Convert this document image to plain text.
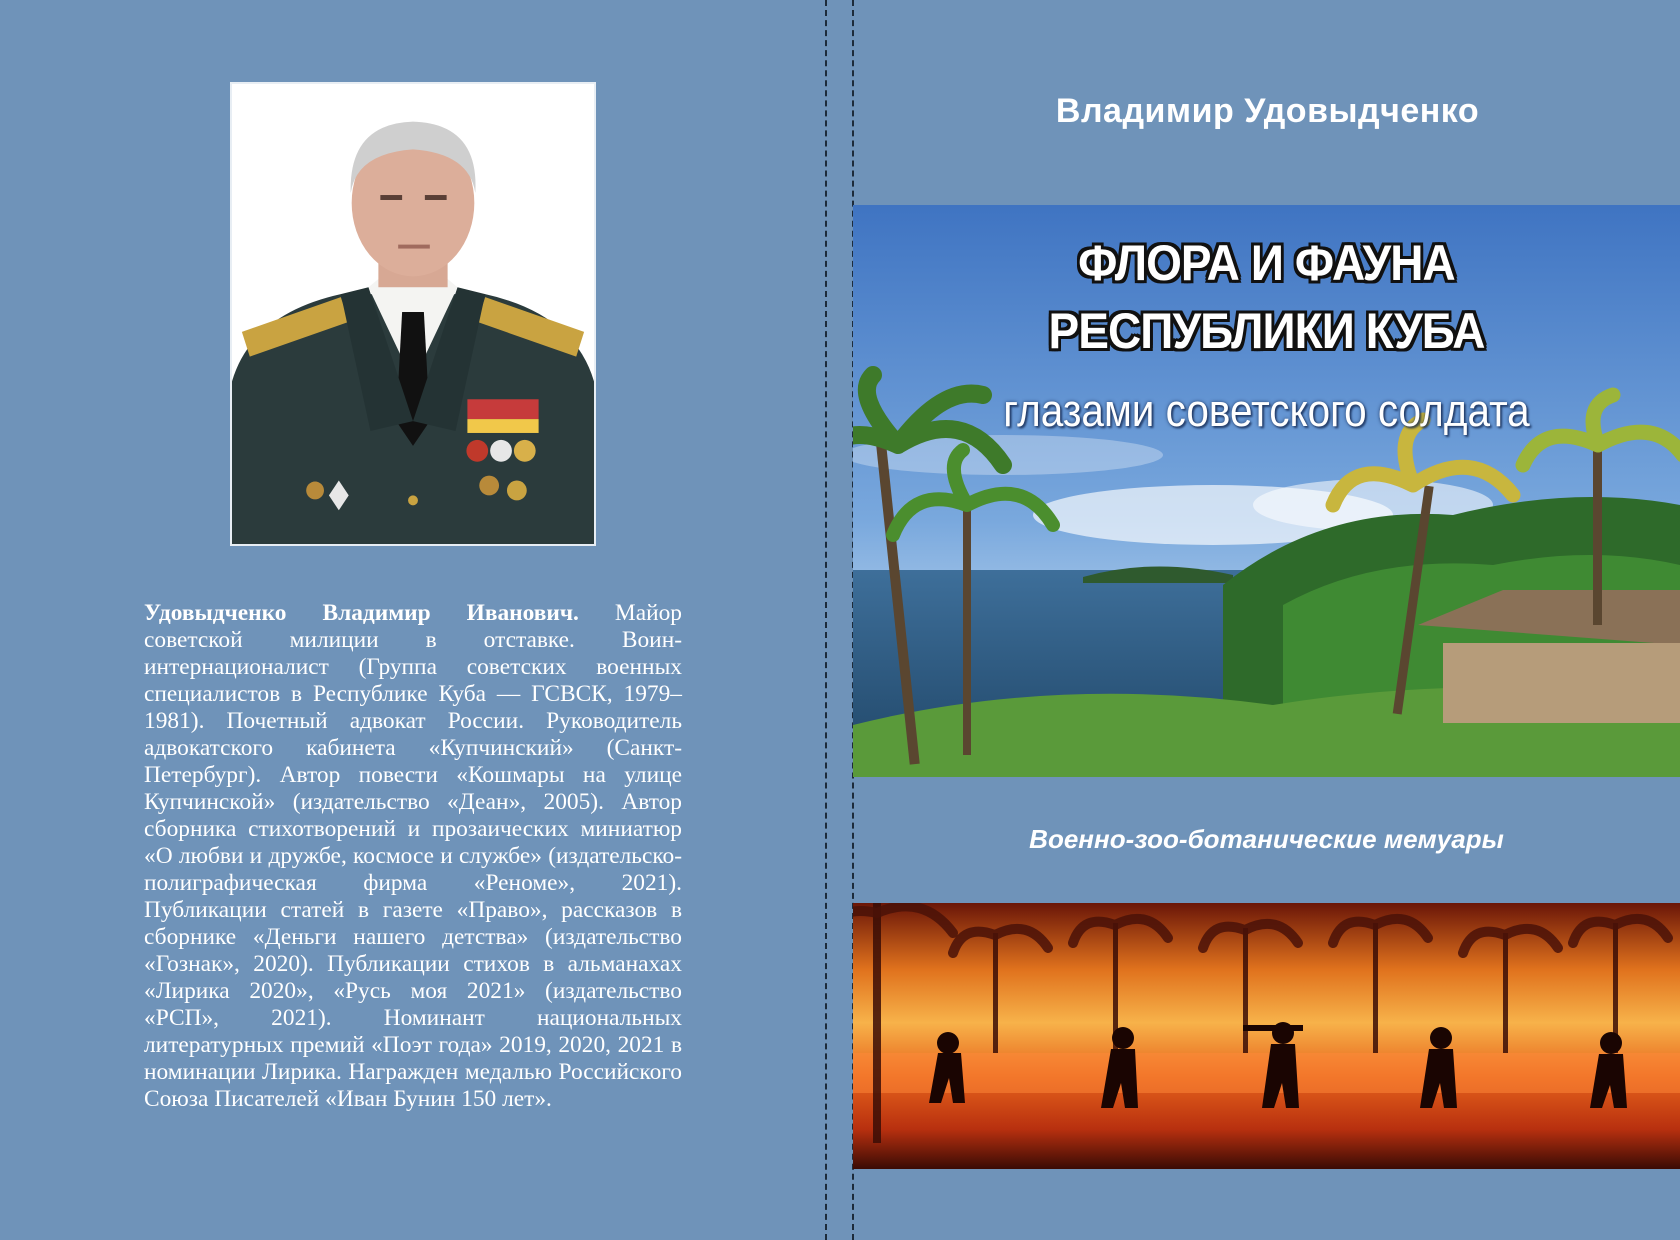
Удовыдченко Владимир Иванович. Майор советской милиции в отставке. Воин-интернационалист (Группа советских военных специалистов в Республике Куба — ГСВСК, 1979–1981). Почетный адвокат России. Руководитель адвокатского кабинета «Купчинский» (Санкт-Петербург). Автор повести «Кошмары на улице Купчинской» (издательство «Деан», 2005). Автор сборника стихотворений и прозаических миниатюр «О любви и дружбе, космосе и службе» (издательско-полиграфическая фирма «Реноме», 2021). Публикации статей в газете «Право», рассказов в сборнике «Деньги нашего детства» (издательство «Гознак», 2020). Публикации стихов в альманахах «Лирика 2020», «Русь моя 2021» (издательство «РСП», 2021). Номинант национальных литературных премий «Поэт года» 2019, 2020, 2021 в номинации Лирика. Награжден медалью Российского Союза Писателей «Иван Бунин 150 лет».
Владимир Удовыдченко
ФЛОРА И ФАУНА
РЕСПУБЛИКИ КУБА
глазами советского солдата
Военно-зоо-ботанические мемуары
